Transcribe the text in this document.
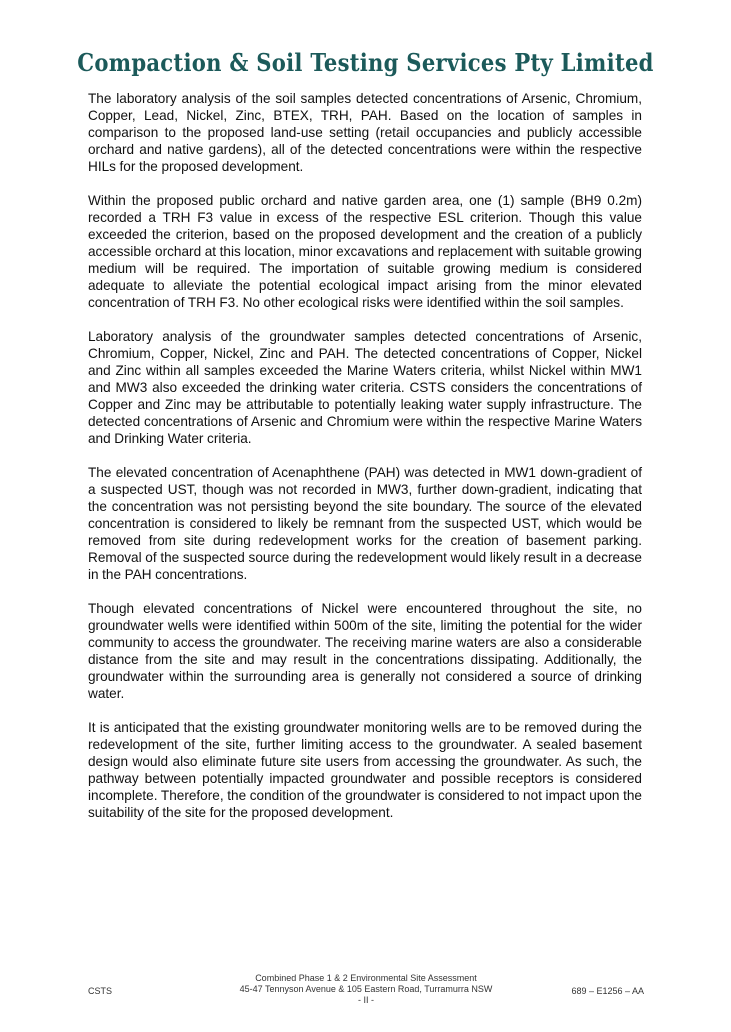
Compaction & Soil Testing Services Pty Limited

The laboratory analysis of the soil samples detected concentrations of Arsenic, Chromium, Copper, Lead, Nickel, Zinc, BTEX, TRH, PAH. Based on the location of samples in comparison to the proposed land-use setting (retail occupancies and publicly accessible orchard and native gardens), all of the detected concentrations were within the respective HILs for the proposed development.

Within the proposed public orchard and native garden area, one (1) sample (BH9 0.2m) recorded a TRH F3 value in excess of the respective ESL criterion. Though this value exceeded the criterion, based on the proposed development and the creation of a publicly accessible orchard at this location, minor excavations and replacement with suitable growing medium will be required. The importation of suitable growing medium is considered adequate to alleviate the potential ecological impact arising from the minor elevated concentration of TRH F3. No other ecological risks were identified within the soil samples.

Laboratory analysis of the groundwater samples detected concentrations of Arsenic, Chromium, Copper, Nickel, Zinc and PAH. The detected concentrations of Copper, Nickel and Zinc within all samples exceeded the Marine Waters criteria, whilst Nickel within MW1 and MW3 also exceeded the drinking water criteria. CSTS considers the concentrations of Copper and Zinc may be attributable to potentially leaking water supply infrastructure. The detected concentrations of Arsenic and Chromium were within the respective Marine Waters and Drinking Water criteria.

The elevated concentration of Acenaphthene (PAH) was detected in MW1 down-gradient of a suspected UST, though was not recorded in MW3, further down-gradient, indicating that the concentration was not persisting beyond the site boundary. The source of the elevated concentration is considered to likely be remnant from the suspected UST, which would be removed from site during redevelopment works for the creation of basement parking. Removal of the suspected source during the redevelopment would likely result in a decrease in the PAH concentrations.

Though elevated concentrations of Nickel were encountered throughout the site, no groundwater wells were identified within 500m of the site, limiting the potential for the wider community to access the groundwater. The receiving marine waters are also a considerable distance from the site and may result in the concentrations dissipating. Additionally, the groundwater within the surrounding area is generally not considered a source of drinking water.

It is anticipated that the existing groundwater monitoring wells are to be removed during the redevelopment of the site, further limiting access to the groundwater. A sealed basement design would also eliminate future site users from accessing the groundwater. As such, the pathway between potentially impacted groundwater and possible receptors is considered incomplete. Therefore, the condition of the groundwater is considered to not impact upon the suitability of the site for the proposed development.

CSTS
Combined Phase 1 & 2 Environmental Site Assessment
45-47 Tennyson Avenue & 105 Eastern Road, Turramurra NSW
- II -
689 – E1256 – AA
